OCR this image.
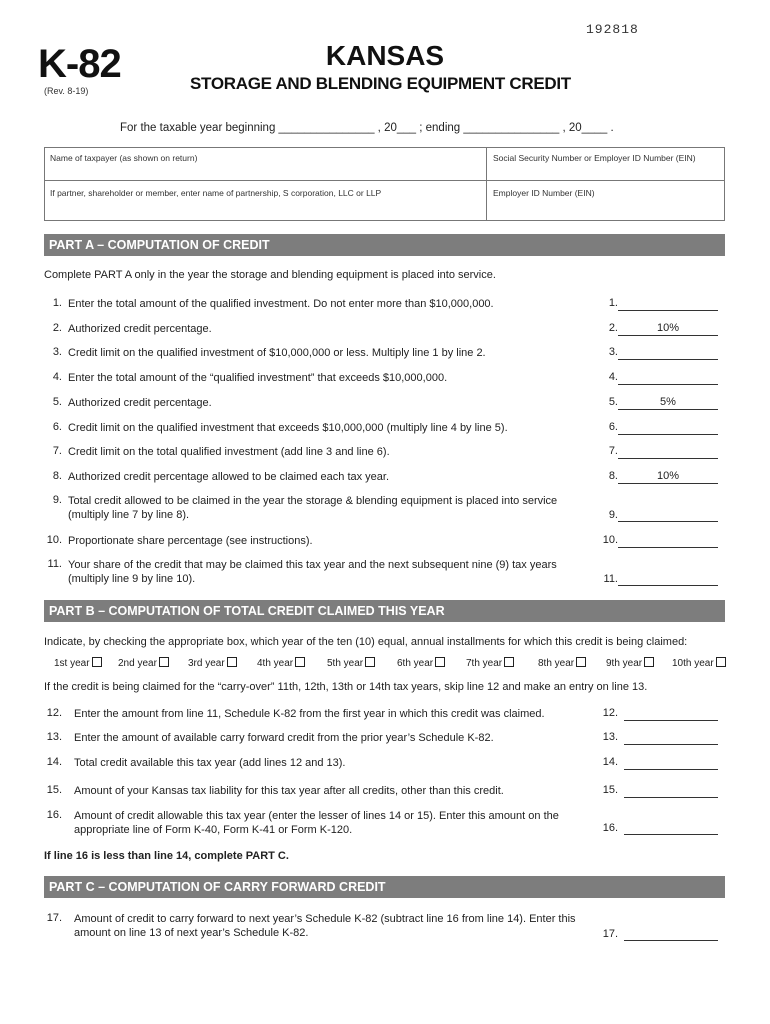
192818
K-82
(Rev. 8-19)
KANSAS
STORAGE AND BLENDING EQUIPMENT CREDIT
For the taxable year beginning _______________ , 20___ ; ending _______________ , 20____ .
Name of taxpayer (as shown on return)	Social Security Number or Employer ID Number (EIN)
If partner, shareholder or member, enter name of partnership, S corporation, LLC or LLP	Employer ID Number (EIN)
PART A – COMPUTATION OF CREDIT
Complete PART A only in the year the storage and blending equipment is placed into service.
1. Enter the total amount of the qualified investment. Do not enter more than $10,000,000.	1.
2. Authorized credit percentage.	2.	10%
3. Credit limit on the qualified investment of $10,000,000 or less. Multiply line 1 by line 2.	3.
4. Enter the total amount of the “qualified investment” that exceeds $10,000,000.	4.
5. Authorized credit percentage.	5.	5%
6. Credit limit on the qualified investment that exceeds $10,000,000 (multiply line 4 by line 5).	6.
7. Credit limit on the total qualified investment (add line 3 and line 6).	7.
8. Authorized credit percentage allowed to be claimed each tax year.	8.	10%
9. Total credit allowed to be claimed in the year the storage & blending equipment is placed into service (multiply line 7 by line 8).	9.
10. Proportionate share percentage (see instructions).	10.
11. Your share of the credit that may be claimed this tax year and the next subsequent nine (9) tax years (multiply line 9 by line 10).	11.
PART B – COMPUTATION OF TOTAL CREDIT CLAIMED THIS YEAR
Indicate, by checking the appropriate box, which year of the ten (10) equal, annual installments for which this credit is being claimed:
1st year	2nd year	3rd year	4th year	5th year	6th year	7th year	8th year	9th year	10th year
If the credit is being claimed for the “carry-over” 11th, 12th, 13th or 14th tax years, skip line 12 and make an entry on line 13.
12. Enter the amount from line 11, Schedule K-82 from the first year in which this credit was claimed.	12.
13. Enter the amount of available carry forward credit from the prior year’s Schedule K-82.	13.
14. Total credit available this tax year (add lines 12 and 13).	14.
15. Amount of your Kansas tax liability for this tax year after all credits, other than this credit.	15.
16. Amount of credit allowable this tax year (enter the lesser of lines 14 or 15). Enter this amount on the appropriate line of Form K-40, Form K-41 or Form K-120.	16.
If line 16 is less than line 14, complete PART C.
PART C – COMPUTATION OF CARRY FORWARD CREDIT
17. Amount of credit to carry forward to next year’s Schedule K-82 (subtract line 16 from line 14). Enter this amount on line 13 of next year’s Schedule K-82.	17.
